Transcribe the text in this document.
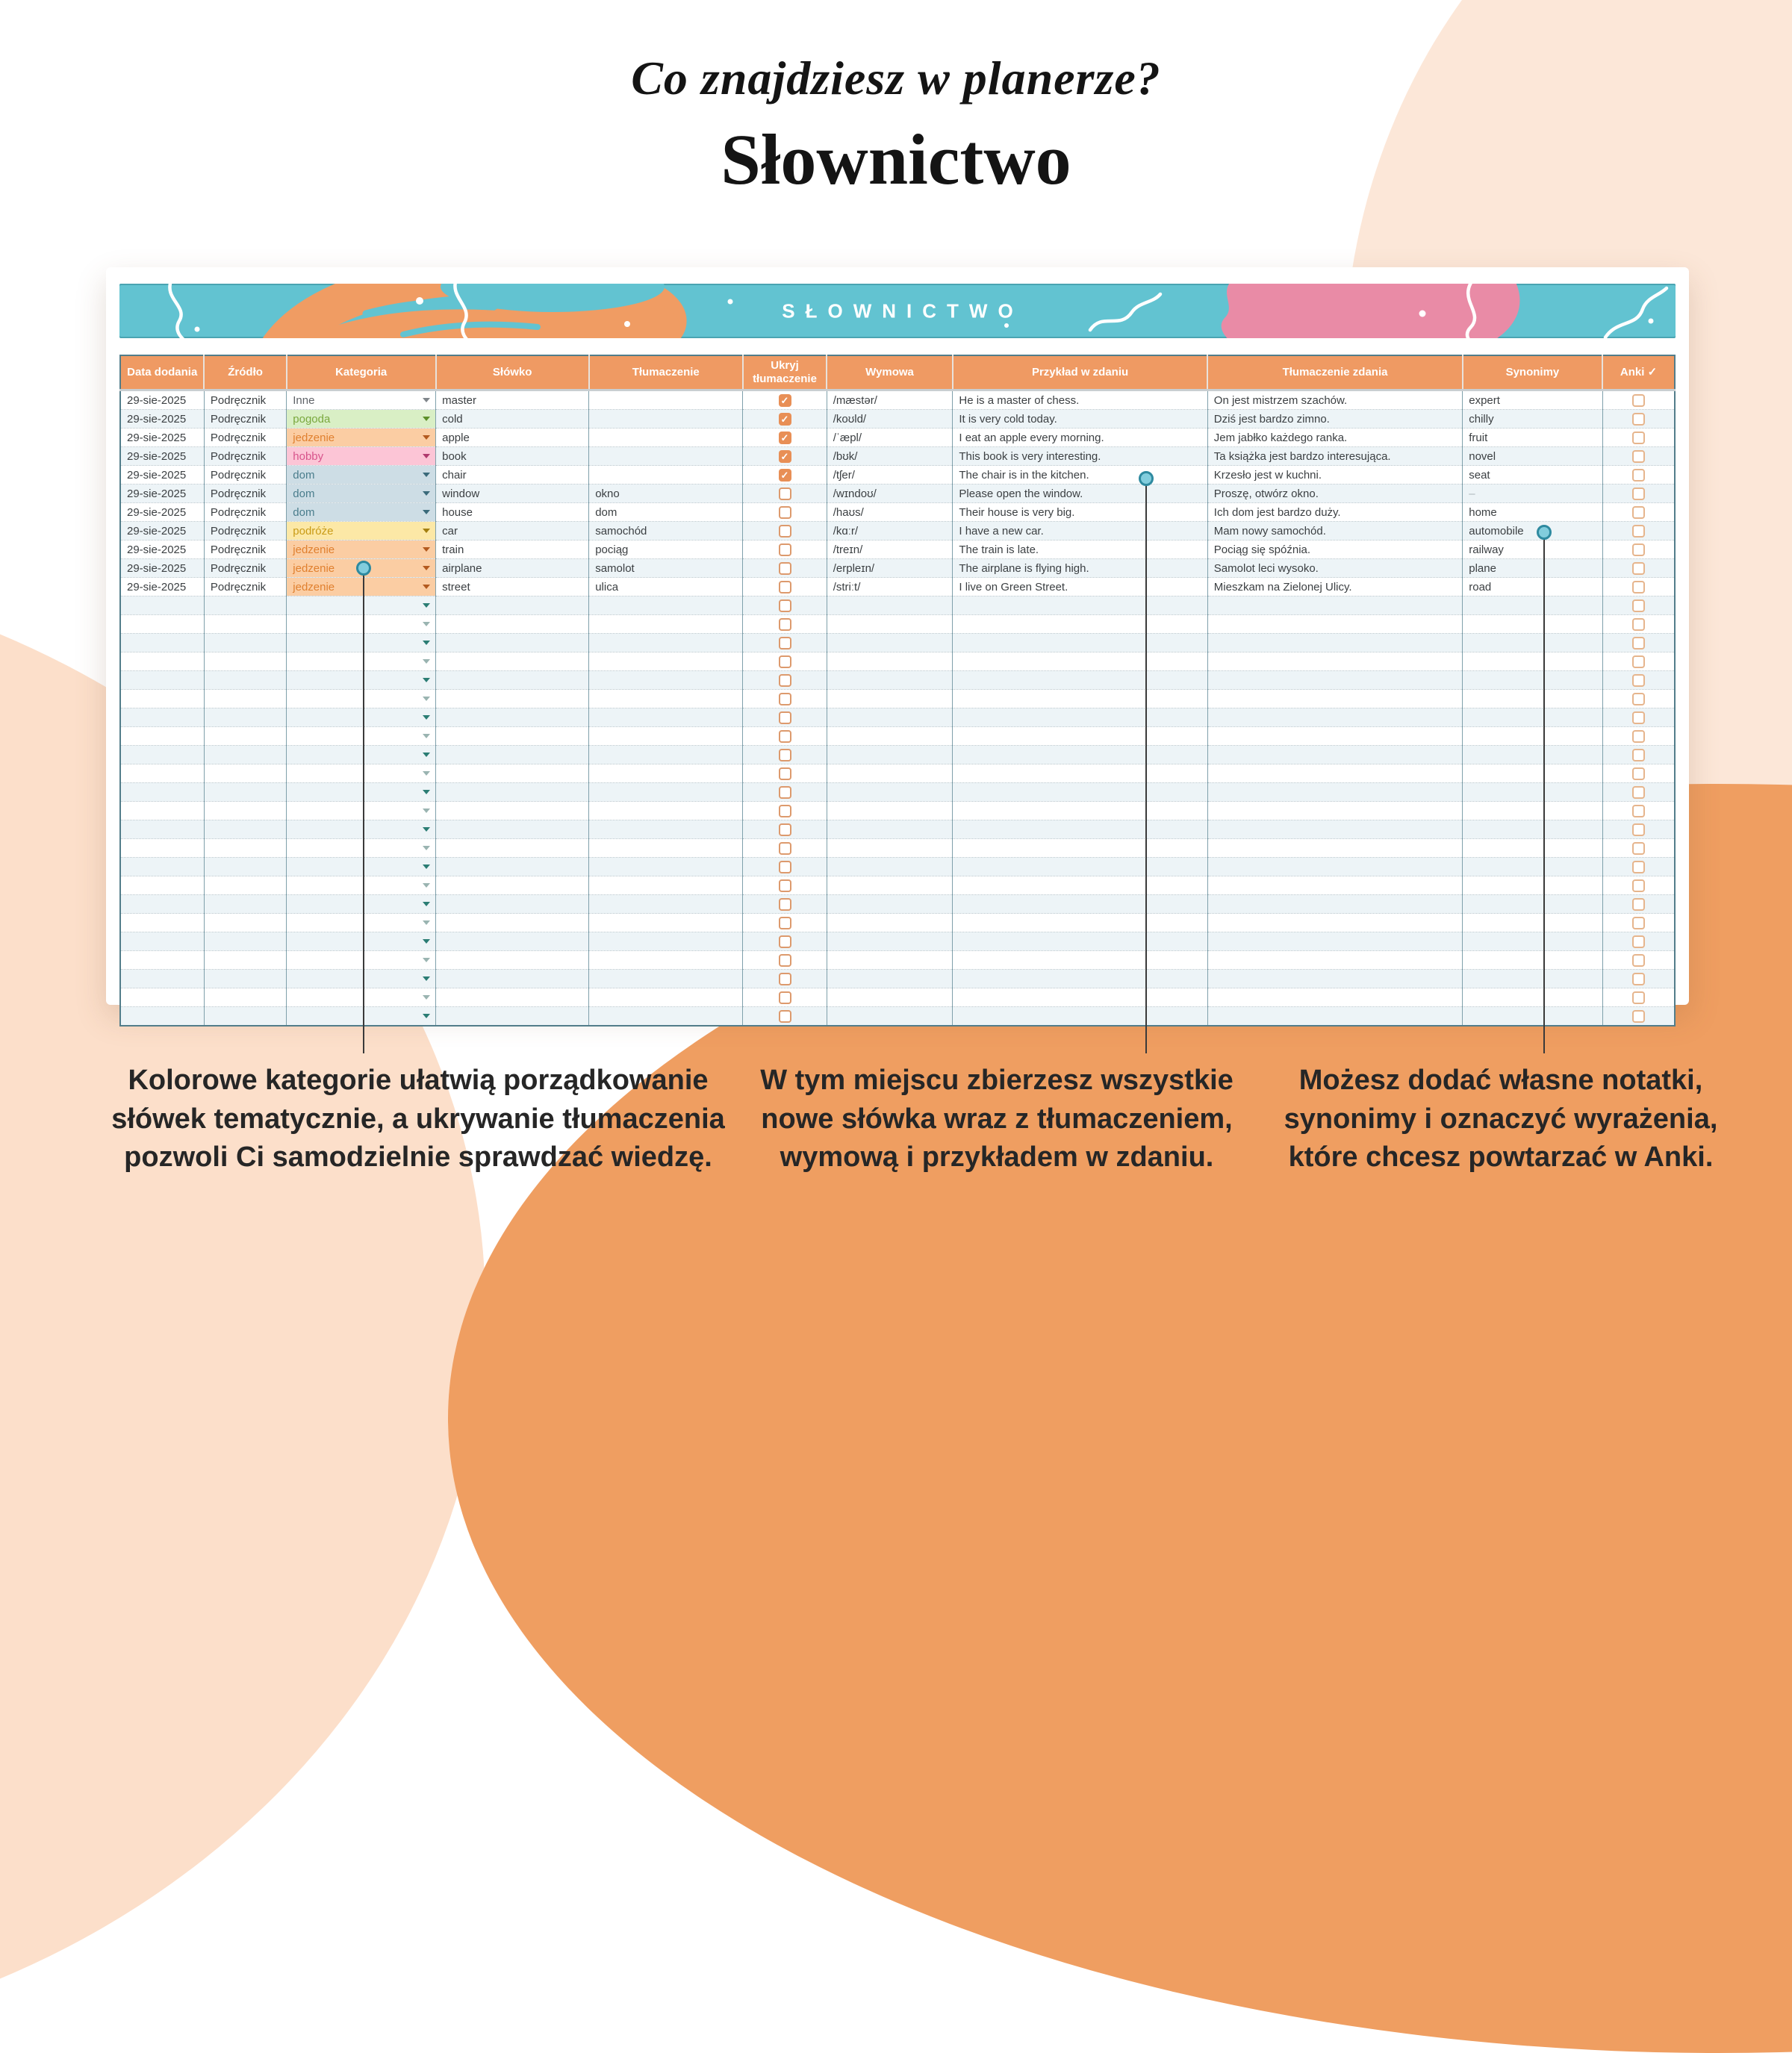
Co znajdziesz w planerze?
Słownictwo
SŁOWNICTWO
Data dodania	Źródło	Kategoria	Słówko	Tłumaczenie	Ukryj tłumaczenie	Wymowa	Przykład w zdaniu	Tłumaczenie zdania	Synonimy	Anki ✓
29-sie-2025	Podręcznik	Inne	master		✓	/mæstər/	He is a master of chess.	On jest mistrzem szachów.	expert	
29-sie-2025	Podręcznik	pogoda	cold		✓	/koʊld/	It is very cold today.	Dziś jest bardzo zimno.	chilly	
29-sie-2025	Podręcznik	jedzenie	apple		✓	/ˈæpl/	I eat an apple every morning.	Jem jabłko każdego ranka.	fruit	
29-sie-2025	Podręcznik	hobby	book		✓	/bʊk/	This book is very interesting.	Ta książka jest bardzo interesująca.	novel	
29-sie-2025	Podręcznik	dom	chair		✓	/tʃer/	The chair is in the kitchen.	Krzesło jest w kuchni.	seat	
29-sie-2025	Podręcznik	dom	window	okno		/wɪndoʊ/	Please open the window.	Proszę, otwórz okno.	–	
29-sie-2025	Podręcznik	dom	house	dom		/haʊs/	Their house is very big.	Ich dom jest bardzo duży.	home	
29-sie-2025	Podręcznik	podróże	car	samochód		/kɑːr/	I have a new car.	Mam nowy samochód.	automobile	
29-sie-2025	Podręcznik	jedzenie	train	pociąg		/treɪn/	The train is late.	Pociąg się spóźnia.	railway	
29-sie-2025	Podręcznik	jedzenie	airplane	samolot		/erpleɪn/	The airplane is flying high.	Samolot leci wysoko.	plane	
29-sie-2025	Podręcznik	jedzenie	street	ulica		/striːt/	I live on Green Street.	Mieszkam na Zielonej Ulicy.	road	

Kolorowe kategorie ułatwią porządkowanie słówek tematycznie, a ukrywanie tłumaczenia pozwoli Ci samodzielnie sprawdzać wiedzę.
W tym miejscu zbierzesz wszystkie nowe słówka wraz z tłumaczeniem, wymową i przykładem w zdaniu.
Możesz dodać własne notatki, synonimy i oznaczyć wyrażenia, które chcesz powtarzać w Anki.
